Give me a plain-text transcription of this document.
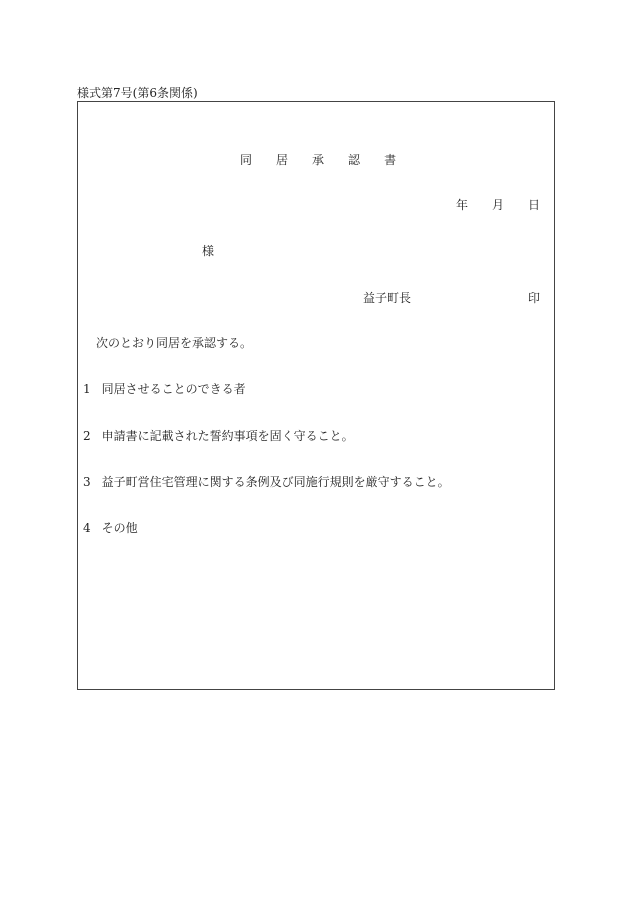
様式第7号(第6条関係)
同 居 承 認 書
年 月 日
様
益子町長	印
次のとおり同居を承認する。
1 同居させることのできる者
2 申請書に記載された誓約事項を固く守ること。
3 益子町営住宅管理に関する条例及び同施行規則を厳守すること。
4 その他
